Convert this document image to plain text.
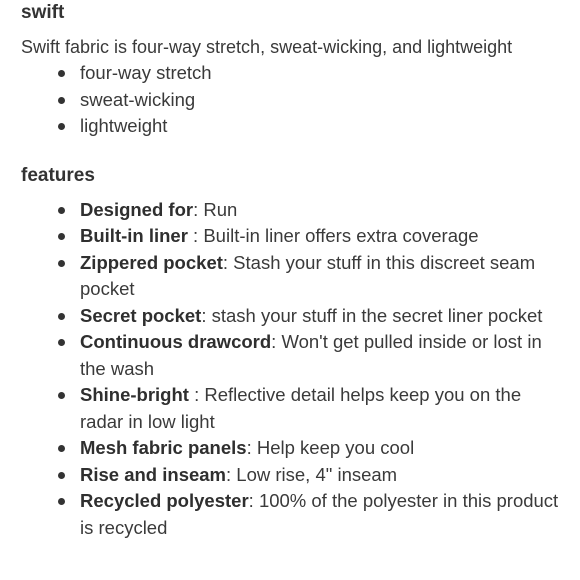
swift

Swift fabric is four-way stretch, sweat-wicking, and lightweight

four-way stretch
sweat-wicking
lightweight
features
Designed for: Run
Built-in liner : Built-in liner offers extra coverage
Zippered pocket: Stash your stuff in this discreet seam pocket
Secret pocket: stash your stuff in the secret liner pocket
Continuous drawcord: Won't get pulled inside or lost in the wash
Shine-bright : Reflective detail helps keep you on the radar in low light
Mesh fabric panels: Help keep you cool
Rise and inseam: Low rise, 4" inseam
Recycled polyester: 100% of the polyester in this product is recycled
